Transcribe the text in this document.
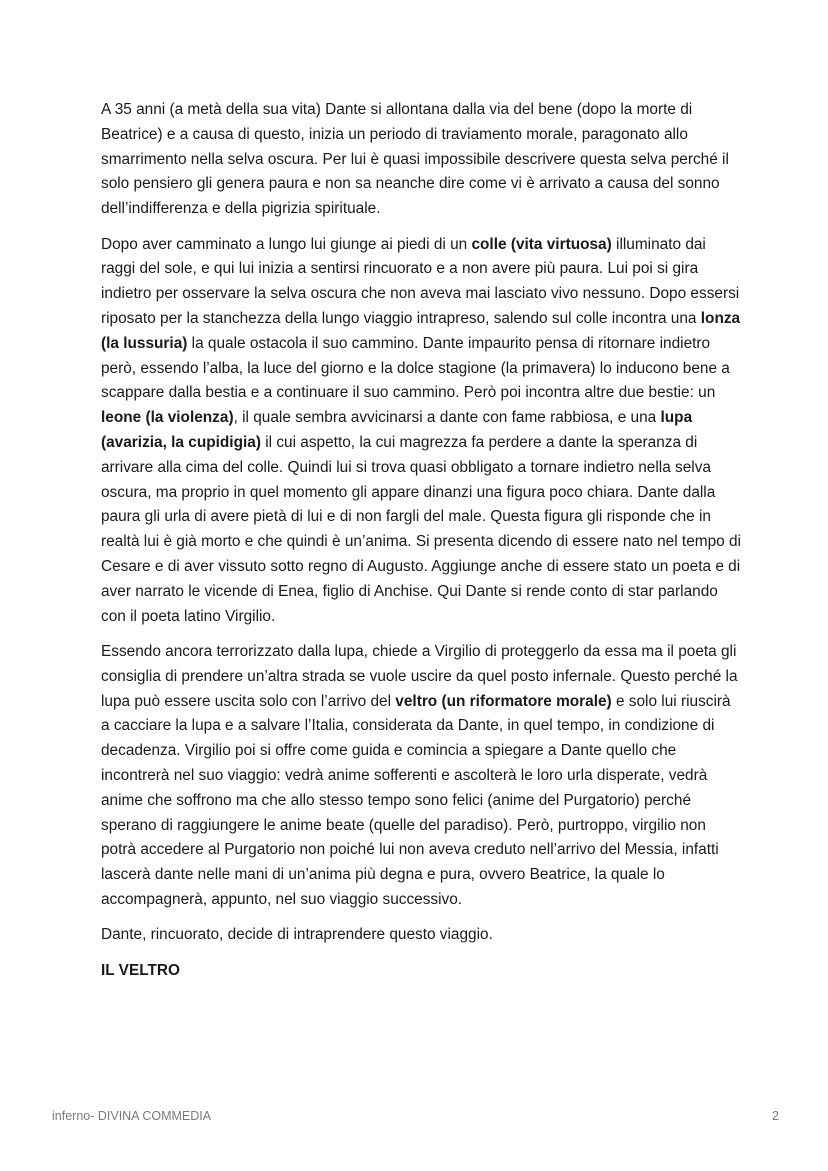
A 35 anni (a metà della sua vita) Dante si allontana dalla via del bene (dopo la morte di Beatrice) e a causa di questo, inizia un periodo di traviamento morale, paragonato allo smarrimento nella selva oscura. Per lui è quasi impossibile descrivere questa selva perché il solo pensiero gli genera paura e non sa neanche dire come vi è arrivato a causa del sonno dell’indifferenza e della pigrizia spirituale.

Dopo aver camminato a lungo lui giunge ai piedi di un colle (vita virtuosa) illuminato dai raggi del sole, e qui lui inizia a sentirsi rincuorato e a non avere più paura. Lui poi si gira indietro per osservare la selva oscura che non aveva mai lasciato vivo nessuno. Dopo essersi riposato per la stanchezza della lungo viaggio intrapreso, salendo sul colle incontra una lonza (la lussuria) la quale ostacola il suo cammino. Dante impaurito pensa di ritornare indietro però, essendo l’alba, la luce del giorno e la dolce stagione (la primavera) lo inducono bene a scappare dalla bestia e a continuare il suo cammino. Però poi incontra altre due bestie: un leone (la violenza), il quale sembra avvicinarsi a dante con fame rabbiosa, e una lupa (avarizia, la cupidigia) il cui aspetto, la cui magrezza fa perdere a dante la speranza di arrivare alla cima del colle. Quindi lui si trova quasi obbligato a tornare indietro nella selva oscura, ma proprio in quel momento gli appare dinanzi una figura poco chiara. Dante dalla paura gli urla di avere pietà di lui e di non fargli del male. Questa figura gli risponde che in realtà lui è già morto e che quindi è un’anima. Si presenta dicendo di essere nato nel tempo di Cesare e di aver vissuto sotto regno di Augusto. Aggiunge anche di essere stato un poeta e di aver narrato le vicende di Enea, figlio di Anchise. Qui Dante si rende conto di star parlando con il poeta latino Virgilio.

Essendo ancora terrorizzato dalla lupa, chiede a Virgilio di proteggerlo da essa ma il poeta gli consiglia di prendere un’altra strada se vuole uscire da quel posto infernale. Questo perché la lupa può essere uscita solo con l’arrivo del veltro (un riformatore morale) e solo lui riuscirà a cacciare la lupa e a salvare l’Italia, considerata da Dante, in quel tempo, in condizione di decadenza. Virgilio poi si offre come guida e comincia a spiegare a Dante quello che incontrerà nel suo viaggio: vedrà anime sofferenti e ascolterà le loro urla disperate, vedrà anime che soffrono ma che allo stesso tempo sono felici (anime del Purgatorio) perché sperano di raggiungere le anime beate (quelle del paradiso). Però, purtroppo, virgilio non potrà accedere al Purgatorio non poiché lui non aveva creduto nell’arrivo del Messia, infatti lascerà dante nelle mani di un’anima più degna e pura, ovvero Beatrice, la quale lo accompagnerà, appunto, nel suo viaggio successivo.

Dante, rincuorato, decide di intraprendere questo viaggio.

IL VELTRO

inferno- DIVINA COMMEDIA	2
